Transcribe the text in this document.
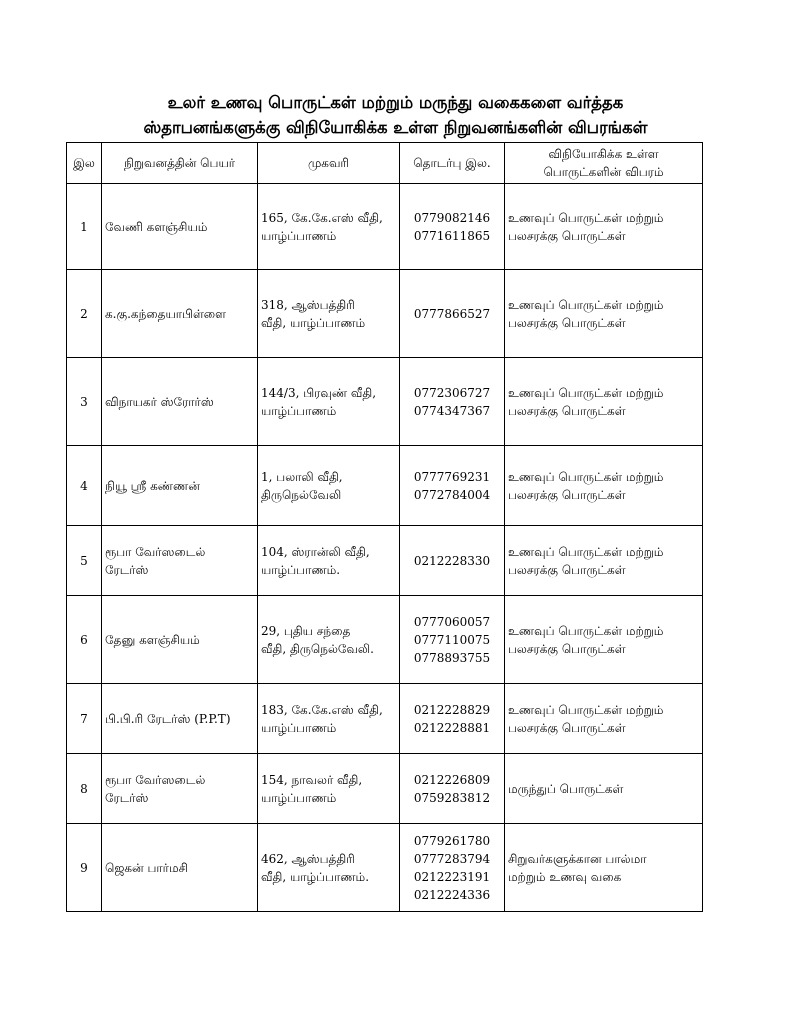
உலர் உணவு பொருட்கள் மற்றும் மருந்து வகைகளை வர்த்தக
ஸ்தாபனங்களுக்கு விநியோகிக்க உள்ள நிறுவனங்களின் விபரங்கள்
இல	நிறுவனத்தின் பெயர்	முகவரி	தொடர்பு இல.	விநியோகிக்க உள்ள
பொருட்களின் விபரம்

1	வேணி களஞ்சியம்	165, கே.கே.எஸ் வீதி,
யாழ்ப்பாணம்	0779082146
0771611865	உணவுப் பொருட்கள் மற்றும்
பலசரக்கு பொருட்கள்

2	க.கு.கந்தையாபிள்ளை	318, ஆஸ்பத்திரி
வீதி, யாழ்ப்பாணம்	0777866527	உணவுப் பொருட்கள் மற்றும்
பலசரக்கு பொருட்கள்

3	விநாயகர் ஸ்ரோர்ஸ்	144/3, பிரவுண் வீதி,
யாழ்ப்பாணம்	0772306727
0774347367	உணவுப் பொருட்கள் மற்றும்
பலசரக்கு பொருட்கள்

4	நியூ ஸ்ரீ கண்ணன்	1, பலாலி வீதி,
திருநெல்வேலி	0777769231
0772784004	உணவுப் பொருட்கள் மற்றும்
பலசரக்கு பொருட்கள்

5	ரூபா வேர்ஸடைல்
ரேடர்ஸ்	104, ஸ்ரான்லி வீதி,
யாழ்ப்பாணம்.	0212228330	உணவுப் பொருட்கள் மற்றும்
பலசரக்கு பொருட்கள்

6	தேனு களஞ்சியம்	29, புதிய சந்தை
வீதி, திருநெல்வேலி.	0777060057
0777110075
0778893755	உணவுப் பொருட்கள் மற்றும்
பலசரக்கு பொருட்கள்

7	பி.பி.ரி ரேடர்ஸ் (P.P.T)	183, கே.கே.எஸ் வீதி,
யாழ்ப்பாணம்	0212228829
0212228881	உணவுப் பொருட்கள் மற்றும்
பலசரக்கு பொருட்கள்

8	ரூபா வேர்ஸடைல்
ரேடர்ஸ்	154, நாவலர் வீதி,
யாழ்ப்பாணம்	0212226809
0759283812	மருந்துப் பொருட்கள்

9	ஜெகன் பார்மசி	462, ஆஸ்பத்திரி
வீதி, யாழ்ப்பாணம்.	0779261780
0777283794
0212223191
0212224336	சிறுவர்களுக்கான பால்மா
மற்றும் உணவு வகை
